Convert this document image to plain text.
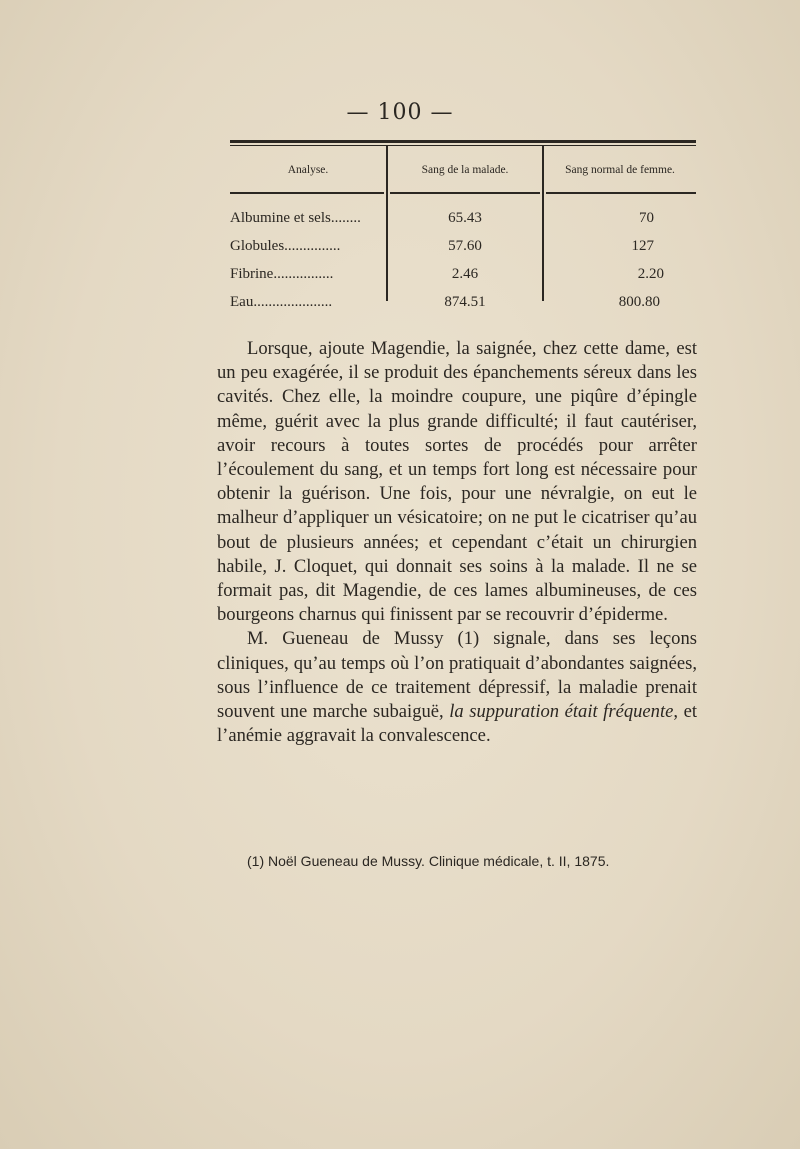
— 100 —
Analyse.	Sang de la malade.	Sang normal de femme.
Albumine et sels........	65.43	70
Globules...............	57.60	127
Fibrine................	2.46	2.20
Eau.....................	874.51	800.80

Lorsque, ajoute Magendie, la saignée, chez cette dame, est un peu exagérée, il se produit des épanchements séreux dans les cavités. Chez elle, la moindre coupure, une piqûre d’épingle même, guérit avec la plus grande difficulté; il faut cautériser, avoir recours à toutes sortes de procédés pour arrêter l’écoulement du sang, et un temps fort long est nécessaire pour obtenir la guérison. Une fois, pour une névralgie, on eut le malheur d’appliquer un vésicatoire; on ne put le cicatriser qu’au bout de plusieurs années; et cependant c’était un chirurgien habile, J. Cloquet, qui donnait ses soins à la malade. Il ne se formait pas, dit Magendie, de ces lames albumineuses, de ces bourgeons charnus qui finissent par se recouvrir d’épiderme.

M. Gueneau de Mussy (1) signale, dans ses leçons cliniques, qu’au temps où l’on pratiquait d’abondantes saignées, sous l’influence de ce traitement dépressif, la maladie prenait souvent une marche subaiguë, la suppuration était fréquente, et l’anémie aggravait la convalescence.

(1) Noël Gueneau de Mussy. Clinique médicale, t. II, 1875.
